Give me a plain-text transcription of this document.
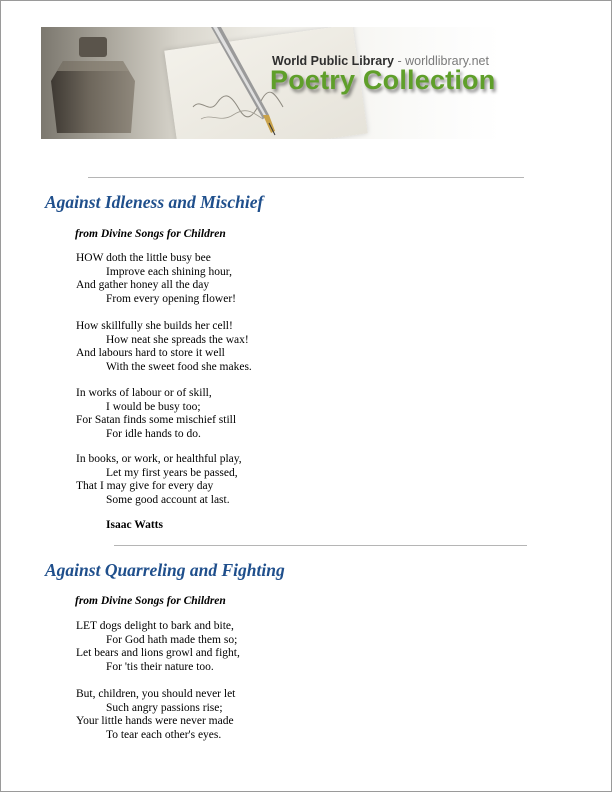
World Public Library - worldlibrary.net
Poetry Collection
Against Idleness and Mischief
from Divine Songs for Children
HOW doth the little busy bee
Improve each shining hour,
And gather honey all the day
From every opening flower!
How skillfully she builds her cell!
How neat she spreads the wax!
And labours hard to store it well
With the sweet food she makes.
In works of labour or of skill,
I would be busy too;
For Satan finds some mischief still
For idle hands to do.
In books, or work, or healthful play,
Let my first years be passed,
That I may give for every day
Some good account at last.
Isaac Watts
Against Quarreling and Fighting
from Divine Songs for Children
LET dogs delight to bark and bite,
For God hath made them so;
Let bears and lions growl and fight,
For 'tis their nature too.
But, children, you should never let
Such angry passions rise;
Your little hands were never made
To tear each other's eyes.
